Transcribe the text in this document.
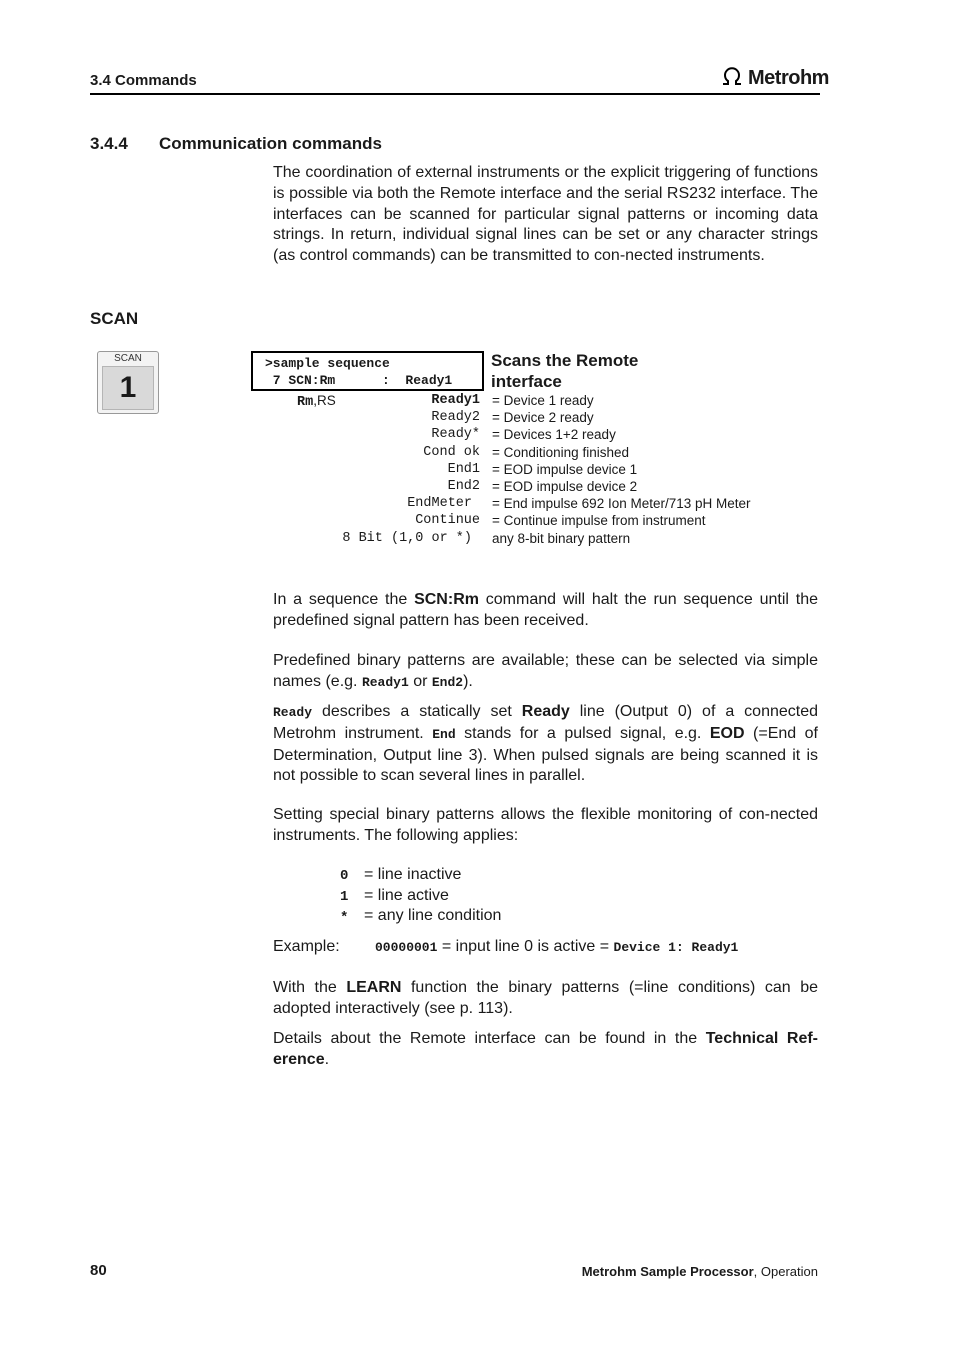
3.4 Commands	Metrohm
3.4.4 Communication commands
The coordination of external instruments or the explicit triggering of functions is possible via both the Remote interface and the serial RS232 interface. The interfaces can be scanned for particular signal patterns or incoming data strings. In return, individual signal lines can be set or any character strings (as control commands) can be transmitted to con-nected instruments.
SCAN
SCAN
1
>sample sequence
7 SCN:Rm      :  Ready1
Scans the Remote
interface
Rm,RS	Ready1 = Device 1 ready
Ready2 = Device 2 ready
Ready* = Devices 1+2 ready
Cond ok = Conditioning finished
End1 = EOD impulse device 1
End2 = EOD impulse device 2
EndMeter = End impulse 692 Ion Meter/713 pH Meter
Continue = Continue impulse from instrument
8 Bit (1,0 or *) any 8-bit binary pattern
In a sequence the SCN:Rm command will halt the run sequence until the predefined signal pattern has been received.
Predefined binary patterns are available; these can be selected via simple names (e.g. Ready1 or End2).
Ready describes a statically set Ready line (Output 0) of a connected Metrohm instrument. End stands for a pulsed signal, e.g. EOD (=End of Determination, Output line 3). When pulsed signals are being scanned it is not possible to scan several lines in parallel.
Setting special binary patterns allows the flexible monitoring of con-nected instruments. The following applies:
0 = line inactive
1 = line active
* = any line condition
Example:	00000001 = input line 0 is active = Device 1: Ready1
With the LEARN function the binary patterns (=line conditions) can be adopted interactively (see p. 113).
Details about the Remote interface can be found in the Technical Ref-erence.
80	Metrohm Sample Processor, Operation
